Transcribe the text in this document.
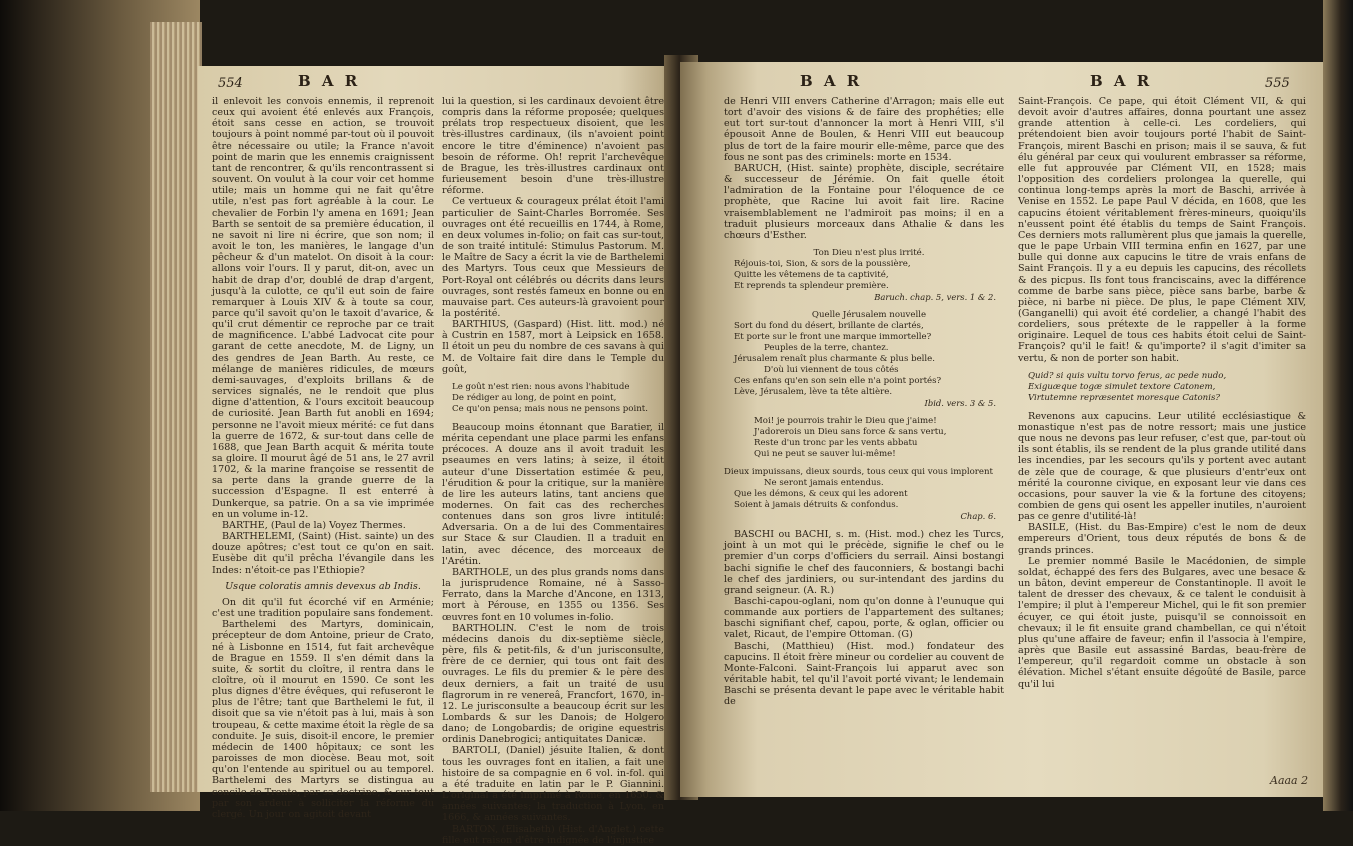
554	B A R

il enlevoit les convois ennemis, il reprenoit ceux qui avoient été enlevés aux François, étoit sans cesse en action, se trouvoit toujours à point nommé par-tout où il pouvoit être nécessaire ou utile; la France n'avoit point de marin que les ennemis craignissent tant de rencontrer, & qu'ils rencontrassent si souvent. On voulut à la cour voir cet homme utile; mais un homme qui ne fait qu'être utile, n'est pas fort agréable à la cour. Le chevalier de Forbin l'y amena en 1691; Jean Barth se sentoit de sa première éducation, il ne savoit ni lire ni écrire, que son nom; il avoit le ton, les manières, le langage d'un pêcheur & d'un matelot. On disoit à la cour: allons voir l'ours. Il y parut, dit-on, avec un habit de drap d'or, doublé de drap d'argent, jusqu'à la culotte, ce qu'il eut soin de faire remarquer à Louis XIV & à toute sa cour, parce qu'il savoit qu'on le taxoit d'avarice, & qu'il crut démentir ce reproche par ce trait de magnificence. L'abbé Ladvocat cite pour garant de cette anecdote, M. de Ligny, un des gendres de Jean Barth. Au reste, ce mélange de manières ridicules, de mœurs demi-sauvages, d'exploits brillans & de services signalés, ne le rendoit que plus digne d'attention, & l'ours excitoit beaucoup de curiosité. Jean Barth fut anobli en 1694; personne ne l'avoit mieux mérité: ce fut dans la guerre de 1672, & sur-tout dans celle de 1688, que Jean Barth acquit & mérita toute sa gloire. Il mourut âgé de 51 ans, le 27 avril 1702, & la marine françoise se ressentit de sa perte dans la grande guerre de la succession d'Espagne. Il est enterré à Dunkerque, sa patrie. On a sa vie imprimée en un volume in-12.

BARTHE, (Paul de la) Voyez Thermes.

BARTHELEMI, (Saint) (Hist. sainte) un des douze apôtres; c'est tout ce qu'on en sait. Eusèbe dit qu'il prêcha l'évangile dans les Indes: n'étoit-ce pas l'Ethiopie?

Usque coloratis amnis devexus ab Indis.

On dit qu'il fut écorché vif en Arménie; c'est une tradition populaire sans fondement.

Barthelemi des Martyrs, dominicain, précepteur de dom Antoine, prieur de Crato, né à Lisbonne en 1514, fut fait archevêque de Brague en 1559. Il s'en démit dans la suite, & sortit du cloître, il rentra dans le cloître, où il mourut en 1590. Ce sont les plus dignes d'être évêques, qui refuseront le plus de l'être; tant que Barthelemi le fut, il disoit que sa vie n'étoit pas à lui, mais à son troupeau, & cette maxime étoit la règle de sa conduite. Je suis, disoit-il encore, le premier médecin de 1400 hôpitaux; ce sont les paroisses de mon diocèse. Beau mot, soit qu'on l'entende au spirituel ou au temporel. Barthelemi des Martyrs se distingua au concile de Trente, par sa doctrine, & sur-tout par son ardeur à solliciter la réforme du clergé. Un jour on agitoit devant

lui la question, si les cardinaux devoient être compris dans la réforme proposée; quelques prélats trop respectueux disoient, que les très-illustres cardinaux, (ils n'avoient point encore le titre d'éminence) n'avoient pas besoin de réforme. Oh! reprit l'archevêque de Brague, les très-illustres cardinaux ont furieusement besoin d'une très-illustre réforme.

Ce vertueux & courageux prélat étoit l'ami particulier de Saint-Charles Borromée. Ses ouvrages ont été recueillis en 1744, à Rome, en deux volumes in-folio; on fait cas sur-tout, de son traité intitulé: Stimulus Pastorum. M. le Maître de Sacy a écrit la vie de Barthelemi des Martyrs. Tous ceux que Messieurs de Port-Royal ont célébrés ou décrits dans leurs ouvrages, sont restés fameux en bonne ou en mauvaise part. Ces auteurs-là gravoient pour la postérité.

BARTHIUS, (Gaspard) (Hist. litt. mod.) né à Custrin en 1587, mort à Leipsick en 1658. Il étoit un peu du nombre de ces savans à qui M. de Voltaire fait dire dans le Temple du goût,

Le goût n'est rien: nous avons l'habitude

De rédiger au long, de point en point,

Ce qu'on pensa; mais nous ne pensons point.

Beaucoup moins étonnant que Baratier, il mérita cependant une place parmi les enfans précoces. A douze ans il avoit traduit les pseaumes en vers latins; à seize, il étoit auteur d'une Dissertation estimée & peu, l'érudition & pour la critique, sur la manière de lire les auteurs latins, tant anciens que modernes. On fait cas des recherches contenues dans son gros livre intitulé: Adversaria. On a de lui des Commentaires sur Stace & sur Claudien. Il a traduit en latin, avec décence, des morceaux de l'Arétin.

BARTHOLE, un des plus grands noms dans la jurisprudence Romaine, né à Sasso-Ferrato, dans la Marche d'Ancone, en 1313, mort à Pérouse, en 1355 ou 1356. Ses œuvres font en 10 volumes in-folio.

BARTHOLIN. C'est le nom de trois médecins danois du dix-septième siècle, père, fils & petit-fils, & d'un jurisconsulte, frère de ce dernier, qui tous ont fait des ouvrages. Le fils du premier & le père des deux derniers, a fait un traité de usu flagrorum in re venereâ, Francfort, 1670, in-12. Le jurisconsulte a beaucoup écrit sur les Lombards & sur les Danois; de Holgero dano; de Longobardis; de origine equestris ordinis Danebrogici; antiquitates Danicæ.

BARTOLI, (Daniel) jésuite Italien, & dont tous les ouvrages font en italien, a fait une histoire de sa compagnie en 6 vol. in-fol. qui a été traduite en latin par le P. Giannini. L'original a été imprimé à Rome, en 1650. & années suivantes; la traduction à Lyon, en 1666, & années suivantes.

BARTON, (Elisabeth) (Hist. d'Anglet.) cette fille eut raison d'être indignée de l'injustice

B A R	B A R	555

de Henri VIII envers Catherine d'Arragon; mais elle eut tort d'avoir des visions & de faire des prophéties; elle eut tort sur-tout d'annoncer la mort à Henri VIII, s'il épousoit Anne de Boulen, & Henri VIII eut beaucoup plus de tort de la faire mourir elle-même, parce que des fous ne sont pas des criminels: morte en 1534.

BARUCH, (Hist. sainte) prophète, disciple, secrétaire & successeur de Jérémie. On fait quelle étoit l'admiration de la Fontaine pour l'éloquence de ce prophète, que Racine lui avoit fait lire. Racine vraisemblablement ne l'admiroit pas moins; il en a traduit plusieurs morceaux dans Athalie & dans les chœurs d'Esther.

Ton Dieu n'est plus irrité.

Réjouis-toi, Sion, & sors de la poussière,

Quitte les vêtemens de ta captivité,

Et reprends ta splendeur première.

Baruch. chap. 5, vers. 1 & 2.

Quelle Jérusalem nouvelle

Sort du fond du désert, brillante de clartés,

Et porte sur le front une marque immortelle?

Peuples de la terre, chantez.

Jérusalem renaît plus charmante & plus belle.

D'où lui viennent de tous côtés

Ces enfans qu'en son sein elle n'a point portés?

Lève, Jérusalem, lève ta tête altière.

Ibid. vers. 3 & 5.

Moi! je pourrois trahir le Dieu que j'aime!

J'adorerois un Dieu sans force & sans vertu,

Reste d'un tronc par les vents abbatu

Qui ne peut se sauver lui-même!

Dieux impuissans, dieux sourds, tous ceux qui vous implorent

Ne seront jamais entendus.

Que les démons, & ceux qui les adorent

Soient à jamais détruits & confondus.

Chap. 6.

BASCHI ou BACHI, s. m. (Hist. mod.) chez les Turcs, joint à un mot qui le précède, signifie le chef ou le premier d'un corps d'officiers du serrail. Ainsi bostangi bachi signifie le chef des fauconniers, & bostangi bachi le chef des jardiniers, ou sur-intendant des jardins du grand seigneur. (A. R.)

Baschi-capou-oglani, nom qu'on donne à l'eunuque qui commande aux portiers de l'appartement des sultanes; baschi signifiant chef, capou, porte, & oglan, officier ou valet, Ricaut, de l'empire Ottoman. (G)

Baschi, (Matthieu) (Hist. mod.) fondateur des capucins. Il étoit frère mineur ou cordelier au couvent de Monte-Falconi. Saint-François lui apparut avec son véritable habit, tel qu'il l'avoit porté vivant; le lendemain Baschi se présenta devant le pape avec le véritable habit de

Saint-François. Ce pape, qui étoit Clément VII, & qui devoit avoir d'autres affaires, donna pourtant une assez grande attention à celle-ci. Les cordeliers, qui prétendoient bien avoir toujours porté l'habit de Saint-François, mirent Baschi en prison; mais il se sauva, & fut élu général par ceux qui voulurent embrasser sa réforme, elle fut approuvée par Clément VII, en 1528; mais l'opposition des cordeliers prolongea la querelle, qui continua long-temps après la mort de Baschi, arrivée à Venise en 1552. Le pape Paul V décida, en 1608, que les capucins étoient véritablement frères-mineurs, quoiqu'ils n'eussent point été établis du temps de Saint François. Ces derniers mots rallumèrent plus que jamais la querelle, que le pape Urbain VIII termina enfin en 1627, par une bulle qui donne aux capucins le titre de vrais enfans de Saint François. Il y a eu depuis les capucins, des récollets & des picpus. Ils font tous franciscains, avec la différence comme de barbe sans pièce, pièce sans barbe, barbe & pièce, ni barbe ni pièce. De plus, le pape Clément XIV, (Ganganelli) qui avoit été cordelier, a changé l'habit des cordeliers, sous prétexte de le rappeller à la forme originaire. Lequel de tous ces habits étoit celui de Saint-François? qu'il le fait! & qu'importe? il s'agit d'imiter sa vertu, & non de porter son habit.

Quid? si quis vultu torvo ferus, ac pede nudo,

Exiguæque togæ simulet textore Catonem,

Virtutemne repræsentet moresque Catonis?

Revenons aux capucins. Leur utilité ecclésiastique & monastique n'est pas de notre ressort; mais une justice que nous ne devons pas leur refuser, c'est que, par-tout où ils sont établis, ils se rendent de la plus grande utilité dans les incendies, par les secours qu'ils y portent avec autant de zèle que de courage, & que plusieurs d'entr'eux ont mérité la couronne civique, en exposant leur vie dans ces occasions, pour sauver la vie & la fortune des citoyens; combien de gens qui osent les appeller inutiles, n'auroient pas ce genre d'utilité-là!

BASILE, (Hist. du Bas-Empire) c'est le nom de deux empereurs d'Orient, tous deux réputés de bons & de grands princes.

Le premier nommé Basile le Macédonien, de simple soldat, échappé des fers des Bulgares, avec une besace & un bâton, devint empereur de Constantinople. Il avoit le talent de dresser des chevaux, & ce talent le conduisit à l'empire; il plut à l'empereur Michel, qui le fit son premier écuyer, ce qui étoit juste, puisqu'il se connoissoit en chevaux; il le fit ensuite grand chambellan, ce qui n'étoit plus qu'une affaire de faveur; enfin il l'associa à l'empire, après que Basile eut assassiné Bardas, beau-frère de l'empereur, qu'il regardoit comme un obstacle à son élévation. Michel s'étant ensuite dégoûté de Basile, parce qu'il lui

Aaaa 2
